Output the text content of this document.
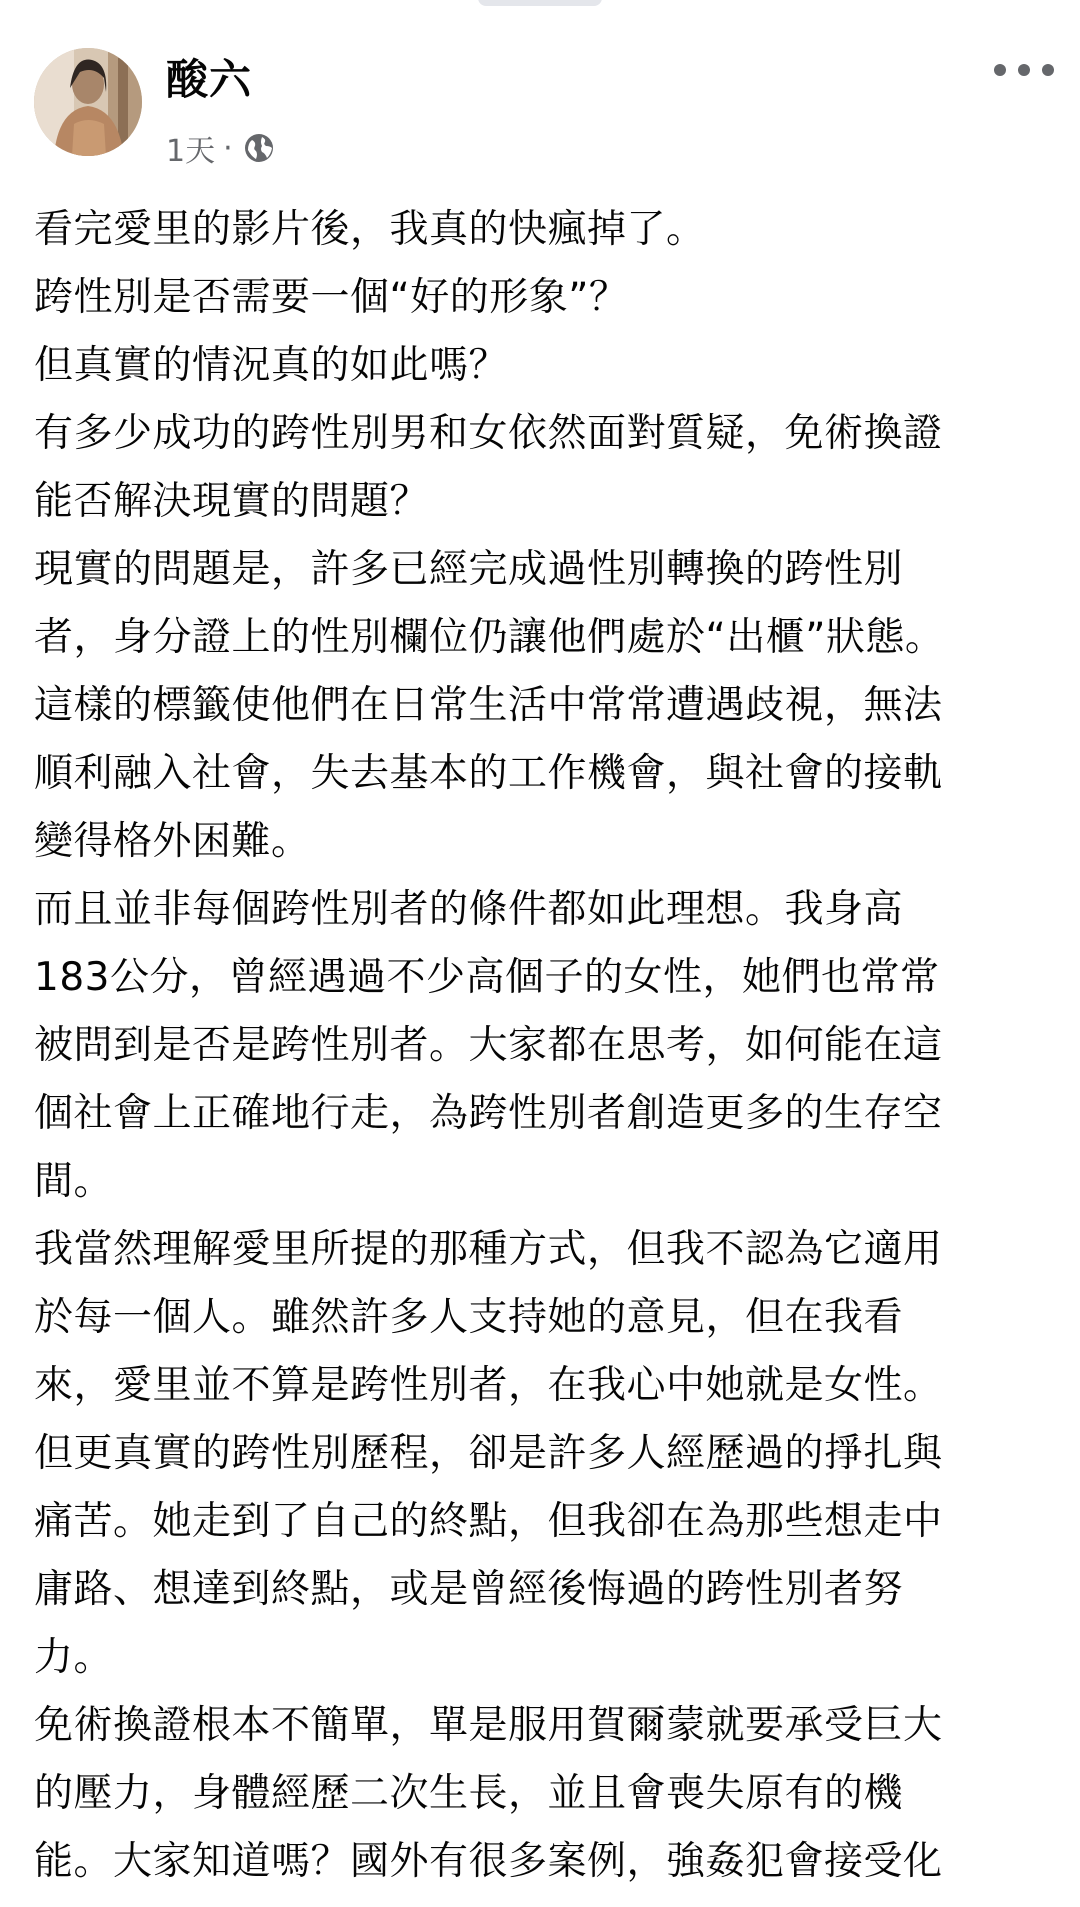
酸六
1天 ·
看完愛里的影片後，我真的快瘋掉了。
跨性別是否需要一個“好的形象”？
但真實的情況真的如此嗎？
有多少成功的跨性別男和女依然面對質疑，免術換證
能否解決現實的問題？
現實的問題是，許多已經完成過性別轉換的跨性別
者，身分證上的性別欄位仍讓他們處於“出櫃”狀態。
這樣的標籤使他們在日常生活中常常遭遇歧視，無法
順利融入社會，失去基本的工作機會，與社會的接軌
變得格外困難。
而且並非每個跨性別者的條件都如此理想。我身高
183公分，曾經遇過不少高個子的女性，她們也常常
被問到是否是跨性別者。大家都在思考，如何能在這
個社會上正確地行走，為跨性別者創造更多的生存空
間。
我當然理解愛里所提的那種方式，但我不認為它適用
於每一個人。雖然許多人支持她的意見，但在我看
來，愛里並不算是跨性別者，在我心中她就是女性。
但更真實的跨性別歷程，卻是許多人經歷過的掙扎與
痛苦。她走到了自己的終點，但我卻在為那些想走中
庸路、想達到終點，或是曾經後悔過的跨性別者努
力。
免術換證根本不簡單，單是服用賀爾蒙就要承受巨大
的壓力，身體經歷二次生長，並且會喪失原有的機
能。大家知道嗎？國外有很多案例，強姦犯會接受化
